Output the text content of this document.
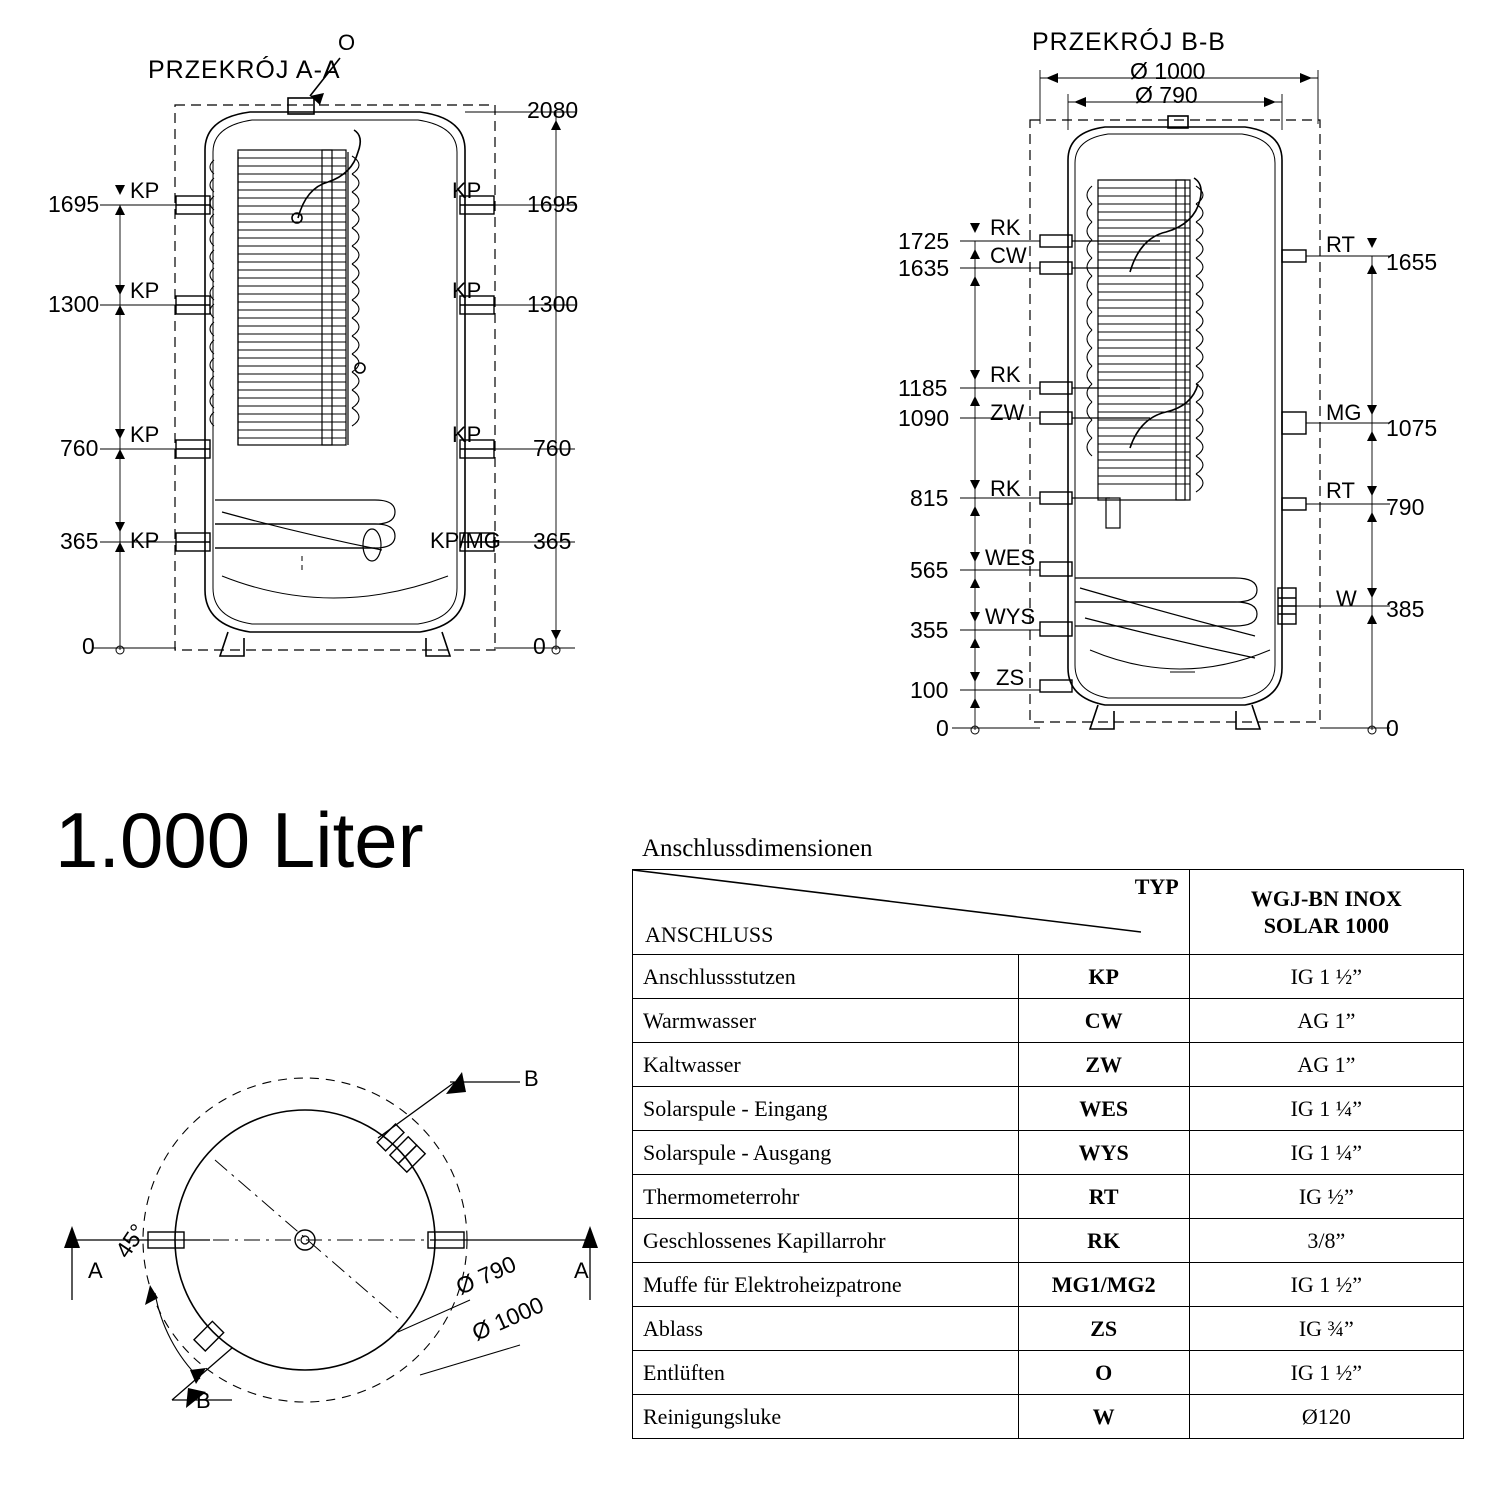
PRZEKRÓJ A-A
O
2080
1695
1300
760
365
0
1695
1300
760
365
0
KP
KP
KP
KP
KP
KP
KP
KP/MG
PRZEKRÓJ B-B
Ø 1000
Ø 790
1725
1635
1185
1090
815
565
355
100
0
RK
CW
RK
ZW
RK
WES
WYS
ZS
1655
1075
790
385
0
RT
MG
RT
W
A	A
B
B
45°
Ø 790
Ø 1000
1.000 Liter	Anschlussdimensionen
ANSCHLUSS
TYP	WGJ-BN INOX
SOLAR 1000

Anschlussstutzen	KP	IG 1 ½”
Warmwasser	CW	AG 1”
Kaltwasser	ZW	AG 1”
Solarspule - Eingang	WES	IG 1 ¼”
Solarspule - Ausgang	WYS	IG 1 ¼”
Thermometerrohr	RT	IG ½”
Geschlossenes Kapillarrohr	RK	3/8”
Muffe für Elektroheizpatrone	MG1/MG2	IG 1 ½”
Ablass	ZS	IG ¾”
Entlüften	O	IG 1 ½”
Reinigungsluke	W	Ø120
